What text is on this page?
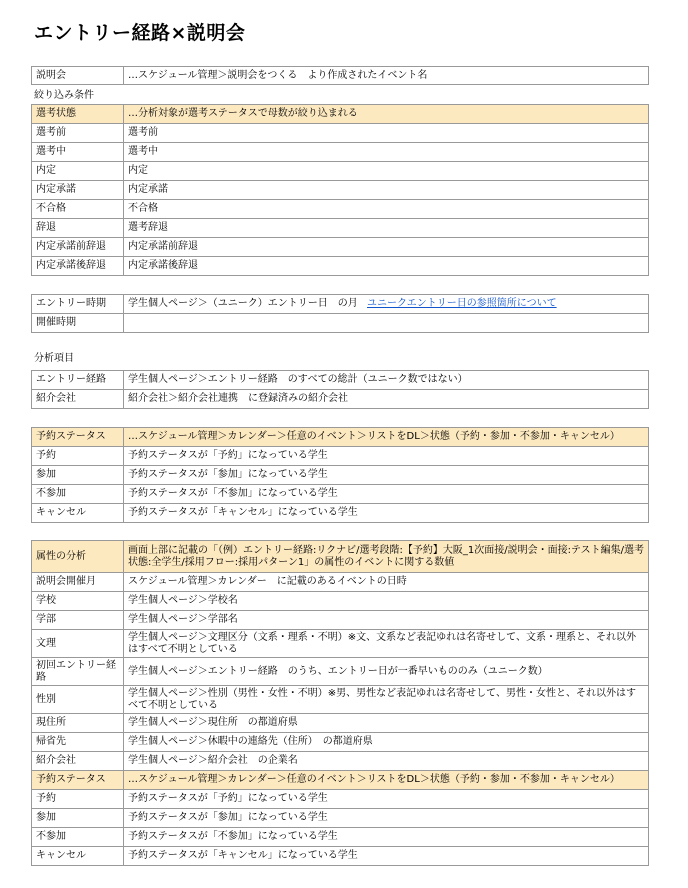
エントリー経路×説明会
説明会	…スケジュール管理＞説明会をつくる　より作成されたイベント名
絞り込み条件
選考状態	…分析対象が選考ステータスで母数が絞り込まれる
選考前	選考前
選考中	選考中
内定	内定
内定承諾	内定承諾
不合格	不合格
辞退	選考辞退
内定承諾前辞退	内定承諾前辞退
内定承諾後辞退	内定承諾後辞退
エントリー時期	学生個人ページ＞（ユニーク）エントリー日　の月 ユニークエントリー日の参照箇所について
開催時期	
分析項目
エントリー経路	学生個人ページ＞エントリー経路　のすべての総計（ユニーク数ではない）
紹介会社	紹介会社＞紹介会社連携　に登録済みの紹介会社
予約ステータス	…スケジュール管理＞カレンダー＞任意のイベント＞リストをDL＞状態（予約・参加・不参加・キャンセル）
予約	予約ステータスが「予約」になっている学生
参加	予約ステータスが「参加」になっている学生
不参加	予約ステータスが「不参加」になっている学生
キャンセル	予約ステータスが「キャンセル」になっている学生
属性の分析	画面上部に記載の「（例）エントリー経路:リクナビ/選考段階:【予約】大阪_1次面接/説明会・面接:テスト編集/選考状態:全学生/採用フロー:採用パターン1」の属性のイベントに関する数値
説明会開催月	スケジュール管理＞カレンダー　に記載のあるイベントの日時
学校	学生個人ページ＞学校名
学部	学生個人ページ＞学部名
文理	学生個人ページ＞文理区分（文系・理系・不明）※文、文系など表記ゆれは名寄せして、文系・理系と、それ以外はすべて不明としている
初回エントリー経路	学生個人ページ＞エントリー経路　のうち、エントリー日が一番早いもののみ（ユニーク数）
性別	学生個人ページ＞性別（男性・女性・不明）※男、男性など表記ゆれは名寄せして、男性・女性と、それ以外はすべて不明としている
現住所	学生個人ページ＞現住所　の都道府県
帰省先	学生個人ページ＞休暇中の連絡先（住所）　の都道府県
紹介会社	学生個人ページ＞紹介会社　の企業名
予約ステータス	…スケジュール管理＞カレンダー＞任意のイベント＞リストをDL＞状態（予約・参加・不参加・キャンセル）
予約	予約ステータスが「予約」になっている学生
参加	予約ステータスが「参加」になっている学生
不参加	予約ステータスが「不参加」になっている学生
キャンセル	予約ステータスが「キャンセル」になっている学生
